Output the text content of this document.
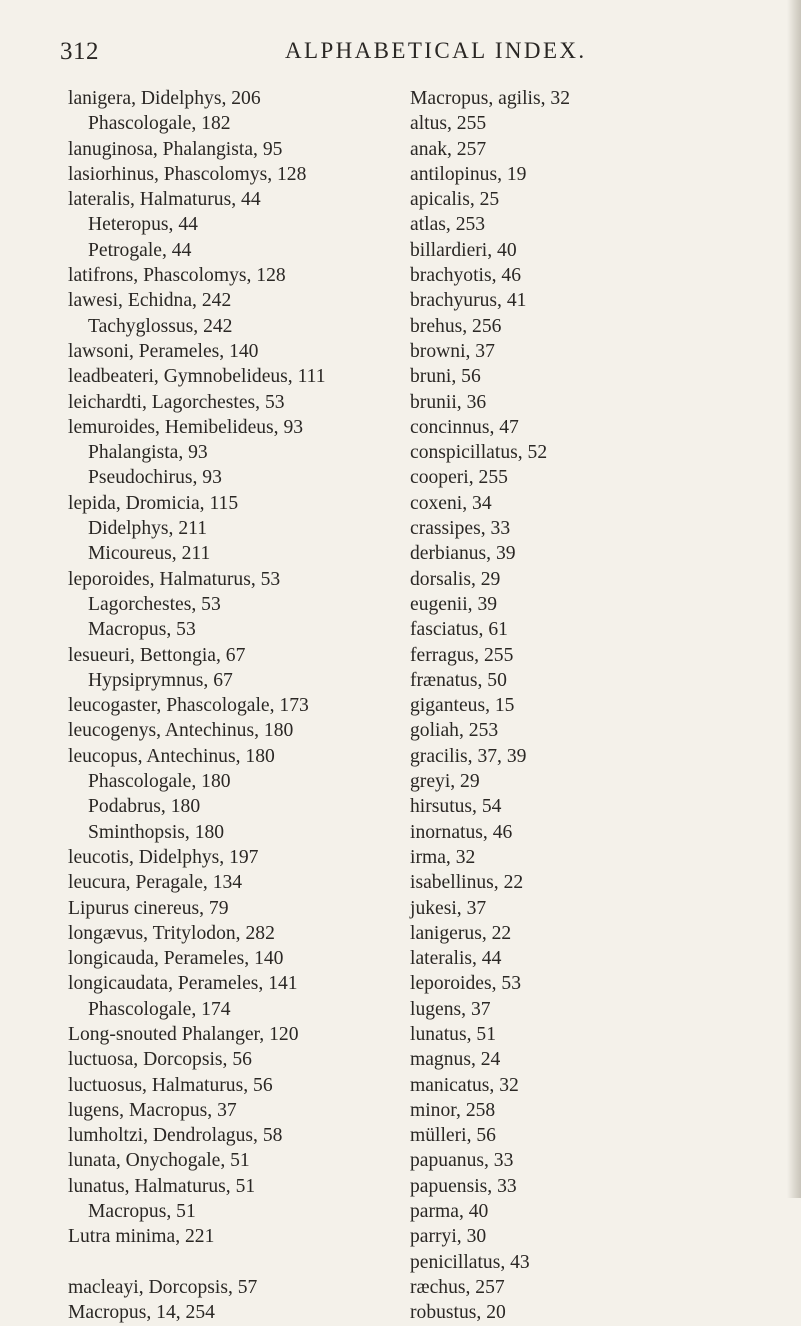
312	ALPHABETICAL INDEX.
lanigera, Didelphys, 206
Phascologale, 182
lanuginosa, Phalangista, 95
lasiorhinus, Phascolomys, 128
lateralis, Halmaturus, 44
Heteropus, 44
Petrogale, 44
latifrons, Phascolomys, 128
lawesi, Echidna, 242
Tachyglossus, 242
lawsoni, Perameles, 140
leadbeateri, Gymnobelideus, 111
leichardti, Lagorchestes, 53
lemuroides, Hemibelideus, 93
Phalangista, 93
Pseudochirus, 93
lepida, Dromicia, 115
Didelphys, 211
Micoureus, 211
leporoides, Halmaturus, 53
Lagorchestes, 53
Macropus, 53
lesueuri, Bettongia, 67
Hypsiprymnus, 67
leucogaster, Phascologale, 173
leucogenys, Antechinus, 180
leucopus, Antechinus, 180
Phascologale, 180
Podabrus, 180
Sminthopsis, 180
leucotis, Didelphys, 197
leucura, Peragale, 134
Lipurus cinereus, 79
longævus, Tritylodon, 282
longicauda, Perameles, 140
longicaudata, Perameles, 141
Phascologale, 174
Long-snouted Phalanger, 120
luctuosa, Dorcopsis, 56
luctuosus, Halmaturus, 56
lugens, Macropus, 37
lumholtzi, Dendrolagus, 58
lunata, Onychogale, 51
lunatus, Halmaturus, 51
Macropus, 51
Lutra minima, 221
macleayi, Dorcopsis, 57
Macropus, 14, 254
Macropus, agilis, 32
altus, 255
anak, 257
antilopinus, 19
apicalis, 25
atlas, 253
billardieri, 40
brachyotis, 46
brachyurus, 41
brehus, 256
browni, 37
bruni, 56
brunii, 36
concinnus, 47
conspicillatus, 52
cooperi, 255
coxeni, 34
crassipes, 33
derbianus, 39
dorsalis, 29
eugenii, 39
fasciatus, 61
ferragus, 255
frænatus, 50
giganteus, 15
goliah, 253
gracilis, 37, 39
greyi, 29
hirsutus, 54
inornatus, 46
irma, 32
isabellinus, 22
jukesi, 37
lanigerus, 22
lateralis, 44
leporoides, 53
lugens, 37
lunatus, 51
magnus, 24
manicatus, 32
minor, 258
mülleri, 56
papuanus, 33
papuensis, 33
parma, 40
parryi, 30
penicillatus, 43
ræchus, 257
robustus, 20
